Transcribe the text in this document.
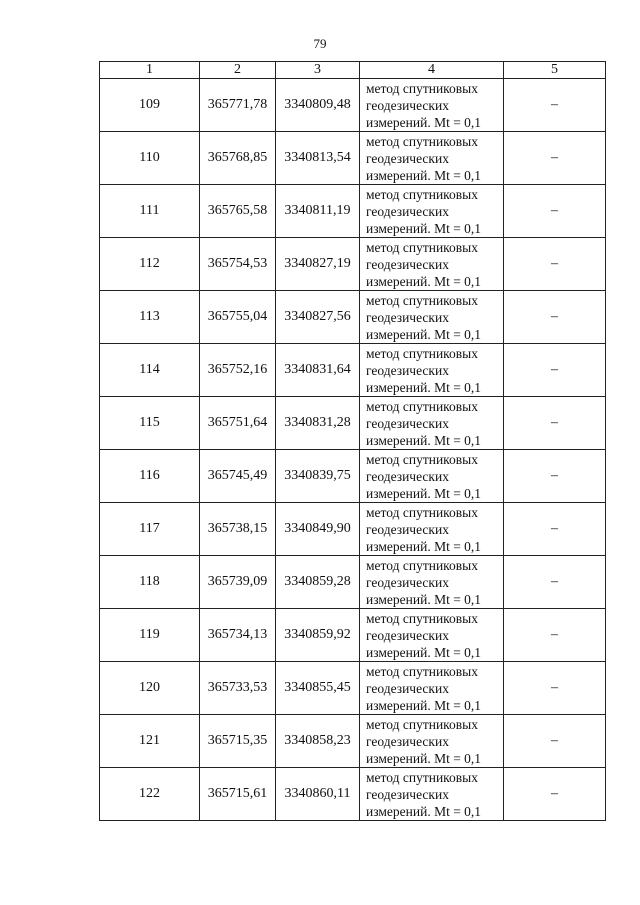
79
1	2	3	4	5
109	365771,78	3340809,48	метод спутниковых
геодезических
измерений. Mt = 0,1	–
110	365768,85	3340813,54	метод спутниковых
геодезических
измерений. Mt = 0,1	–
111	365765,58	3340811,19	метод спутниковых
геодезических
измерений. Mt = 0,1	–
112	365754,53	3340827,19	метод спутниковых
геодезических
измерений. Mt = 0,1	–
113	365755,04	3340827,56	метод спутниковых
геодезических
измерений. Mt = 0,1	–
114	365752,16	3340831,64	метод спутниковых
геодезических
измерений. Mt = 0,1	–
115	365751,64	3340831,28	метод спутниковых
геодезических
измерений. Mt = 0,1	–
116	365745,49	3340839,75	метод спутниковых
геодезических
измерений. Mt = 0,1	–
117	365738,15	3340849,90	метод спутниковых
геодезических
измерений. Mt = 0,1	–
118	365739,09	3340859,28	метод спутниковых
геодезических
измерений. Mt = 0,1	–
119	365734,13	3340859,92	метод спутниковых
геодезических
измерений. Mt = 0,1	–
120	365733,53	3340855,45	метод спутниковых
геодезических
измерений. Mt = 0,1	–
121	365715,35	3340858,23	метод спутниковых
геодезических
измерений. Mt = 0,1	–
122	365715,61	3340860,11	метод спутниковых
геодезических
измерений. Mt = 0,1	–
